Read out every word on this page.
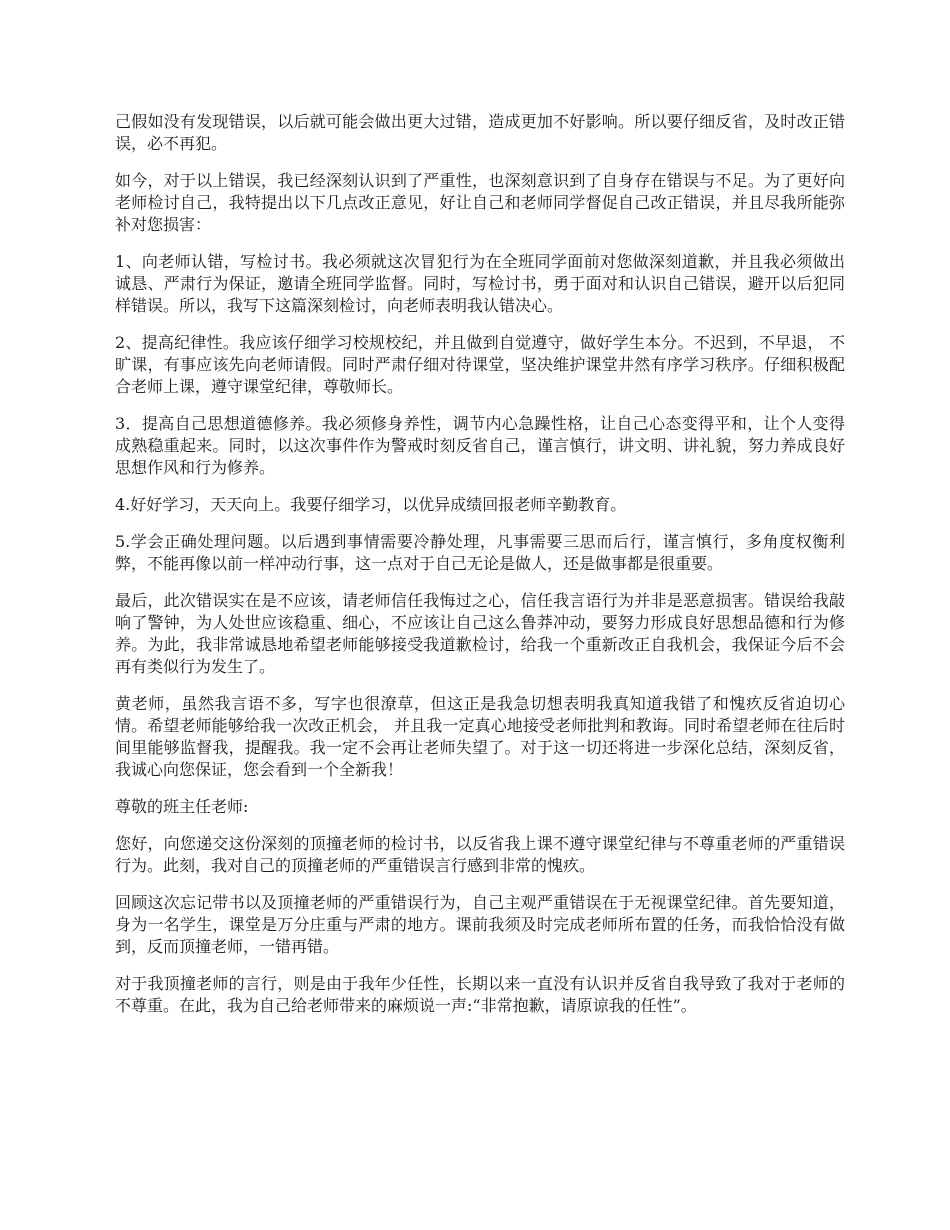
己假如没有发现错误，以后就可能会做出更大过错，造成更加不好影响。所以要仔细反省，及时改正错误，必不再犯。

如今，对于以上错误，我已经深刻认识到了严重性，也深刻意识到了自身存在错误与不足。为了更好向老师检讨自己，我特提出以下几点改正意见，好让自己和老师同学督促自己改正错误，并且尽我所能弥补对您损害：

1、向老师认错，写检讨书。我必须就这次冒犯行为在全班同学面前对您做深刻道歉，并且我必须做出诚恳、严肃行为保证，邀请全班同学监督。同时，写检讨书，勇于面对和认识自己错误，避开以后犯同样错误。所以，我写下这篇深刻检讨，向老师表明我认错决心。

2、提高纪律性。我应该仔细学习校规校纪，并且做到自觉遵守，做好学生本分。不迟到，不早退， 不旷课，有事应该先向老师请假。同时严肃仔细对待课堂，坚决维护课堂井然有序学习秩序。仔细积极配合老师上课，遵守课堂纪律，尊敬师长。

3．提高自己思想道德修养。我必须修身养性，调节内心急躁性格，让自己心态变得平和，让个人变得成熟稳重起来。同时，以这次事件作为警戒时刻反省自己，谨言慎行，讲文明、讲礼貌，努力养成良好思想作风和行为修养。

4.好好学习，天天向上。我要仔细学习，以优异成绩回报老师辛勤教育。

5.学会正确处理问题。以后遇到事情需要冷静处理，凡事需要三思而后行，谨言慎行，多角度权衡利弊，不能再像以前一样冲动行事，这一点对于自己无论是做人，还是做事都是很重要。

最后，此次错误实在是不应该，请老师信任我悔过之心，信任我言语行为并非是恶意损害。错误给我敲响了警钟，为人处世应该稳重、细心，不应该让自己这么鲁莽冲动，要努力形成良好思想品德和行为修养。为此，我非常诚恳地希望老师能够接受我道歉检讨，给我一个重新改正自我机会，我保证今后不会再有类似行为发生了。

黄老师，虽然我言语不多，写字也很潦草，但这正是我急切想表明我真知道我错了和愧疚反省迫切心情。希望老师能够给我一次改正机会， 并且我一定真心地接受老师批判和教诲。同时希望老师在往后时间里能够监督我，提醒我。我一定不会再让老师失望了。对于这一切还将进一步深化总结，深刻反省，我诚心向您保证，您会看到一个全新我！

尊敬的班主任老师:

您好，向您递交这份深刻的顶撞老师的检讨书，以反省我上课不遵守课堂纪律与不尊重老师的严重错误行为。此刻，我对自己的顶撞老师的严重错误言行感到非常的愧疚。

回顾这次忘记带书以及顶撞老师的严重错误行为，自己主观严重错误在于无视课堂纪律。首先要知道，身为一名学生，课堂是万分庄重与严肃的地方。课前我须及时完成老师所布置的任务，而我恰恰没有做到，反而顶撞老师，一错再错。

对于我顶撞老师的言行，则是由于我年少任性，长期以来一直没有认识并反省自我导致了我对于老师的不尊重。在此，我为自己给老师带来的麻烦说一声:“非常抱歉，请原谅我的任性”。
